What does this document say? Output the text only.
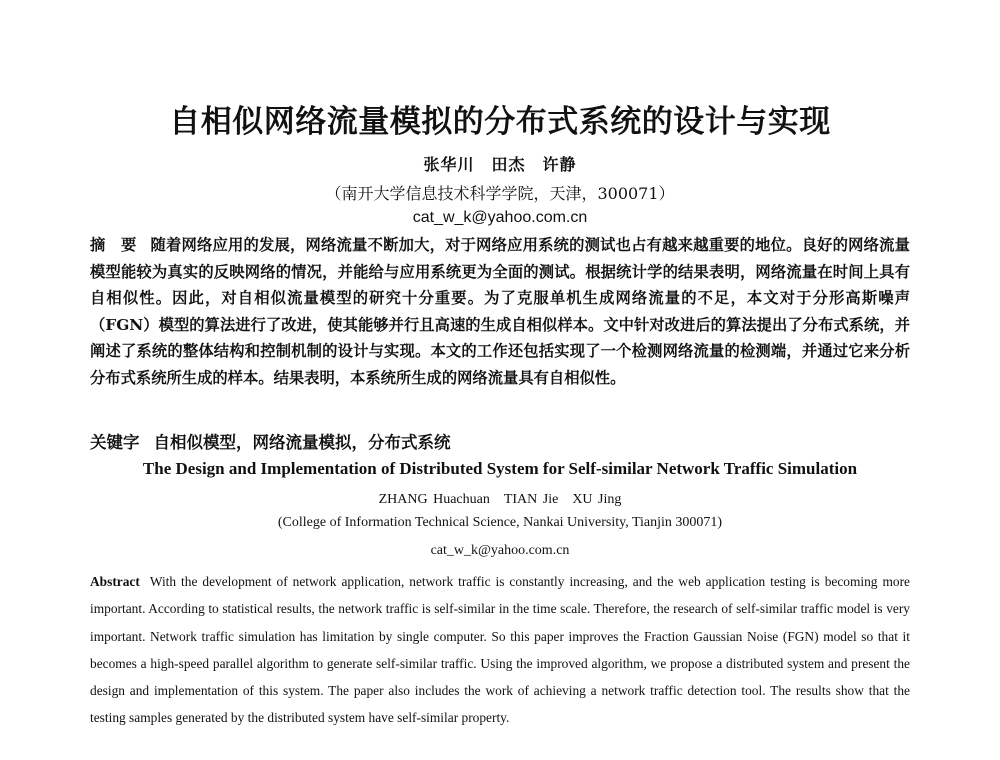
自相似网络流量模拟的分布式系统的设计与实现
张华川　田杰　许静
（南开大学信息技术科学学院，天津，300071）
cat_w_k@yahoo.com.cn
摘　要 随着网络应用的发展，网络流量不断加大，对于网络应用系统的测试也占有越来越重要的地位。良好的网络流量模型能较为真实的反映网络的情况，并能给与应用系统更为全面的测试。根据统计学的结果表明，网络流量在时间上具有自相似性。因此，对自相似流量模型的研究十分重要。为了克服单机生成网络流量的不足，本文对于分形高斯噪声（FGN）模型的算法进行了改进，使其能够并行且高速的生成自相似样本。文中针对改进后的算法提出了分布式系统，并阐述了系统的整体结构和控制机制的设计与实现。本文的工作还包括实现了一个检测网络流量的检测端，并通过它来分析分布式系统所生成的样本。结果表明，本系统所生成的网络流量具有自相似性。
关键字 自相似模型，网络流量模拟，分布式系统
The Design and Implementation of Distributed System for Self-similar Network Traffic Simulation
ZHANG Huachuan　TIAN Jie　XU Jing
(College of Information Technical Science, Nankai University, Tianjin 300071)
cat_w_k@yahoo.com.cn
Abstract With the development of network application, network traffic is constantly increasing, and the web application testing is becoming more important. According to statistical results, the network traffic is self-similar in the time scale. Therefore, the research of self-similar traffic model is very important. Network traffic simulation has limitation by single computer. So this paper improves the Fraction Gaussian Noise (FGN) model so that it becomes a high-speed parallel algorithm to generate self-similar traffic. Using the improved algorithm, we propose a distributed system and present the design and implementation of this system. The paper also includes the work of achieving a network traffic detection tool. The results show that the testing samples generated by the distributed system have self-similar property.
